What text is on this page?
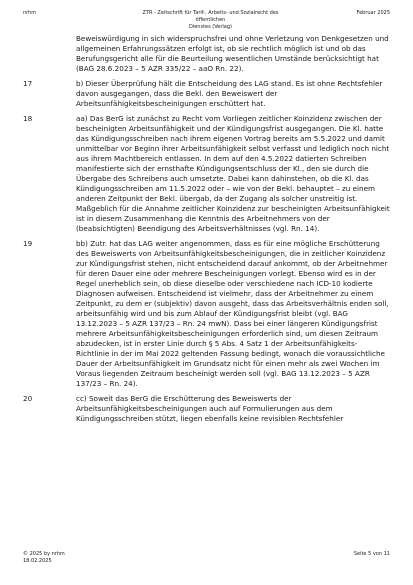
nrhm	ZTR - Zeitschrift für Tarif-, Arbeits- und Sozialrecht des öffentlichen
Dienstes (Verlag)
Februar 2025
Beweiswürdigung in sich widerspruchsfrei und ohne Verletzung von Denkgesetzen und allgemeinen Erfahrungssätzen erfolgt ist, ob sie rechtlich möglich ist und ob das Berufungsgericht alle für die Beurteilung wesentlichen Umstände berücksichtigt hat (BAG 28.6.2023 – 5 AZR 335/22 – aaO Rn. 22).
17	b) Dieser Überprüfung hält die Entscheidung des LAG stand. Es ist ohne Rechtsfehler davon ausgegangen, dass die Bekl. den Beweiswert der Arbeitsunfähigkeitsbescheinigungen erschüttert hat.
18	aa) Das BerG ist zunächst zu Recht vom Vorliegen zeitlicher Koinzidenz zwischen der bescheinigten Arbeitsunfähigkeit und der Kündigungsfrist ausgegangen. Die Kl. hatte das Kündigungsschreiben nach ihrem eigenen Vortrag bereits am 5.5.2022 und damit unmittelbar vor Beginn ihrer Arbeitsunfähigkeit selbst verfasst und lediglich noch nicht aus ihrem Machtbereich entlassen. In dem auf den 4.5.2022 datierten Schreiben manifestierte sich der ernsthafte Kündigungsentschluss der Kl., den sie durch die Übergabe des Schreibens auch umsetzte. Dabei kann dahinstehen, ob die Kl. das Kündigungsschreiben am 11.5.2022 oder – wie von der Bekl. behauptet – zu einem anderen Zeitpunkt der Bekl. übergab, da der Zugang als solcher unstreitig ist. Maßgeblich für die Annahme zeitlicher Koinzidenz zur bescheinigten Arbeitsunfähigkeit ist in diesem Zusammenhang die Kenntnis des Arbeitnehmers von der (beabsichtigten) Beendigung des Arbeitsverhältnisses (vgl. Rn. 14).
19	bb) Zutr. hat das LAG weiter angenommen, dass es für eine mögliche Erschütterung des Beweiswerts von Arbeitsunfähigkeitsbescheinigungen, die in zeitlicher Koinzidenz zur Kündigungsfrist stehen, nicht entscheidend darauf ankommt, ob der Arbeitnehmer für deren Dauer eine oder mehrere Bescheinigungen vorlegt. Ebenso wird es in der Regel unerheblich sein, ob diese dieselbe oder verschiedene nach ICD-10 kodierte Diagnosen aufweisen. Entscheidend ist vielmehr, dass der Arbeitnehmer zu einem Zeitpunkt, zu dem er (subjektiv) davon ausgeht, dass das Arbeitsverhältnis enden soll, arbeitsunfähig wird und bis zum Ablauf der Kündigungsfrist bleibt (vgl. BAG 13.12.2023 – 5 AZR 137/23 – Rn. 24 mwN). Dass bei einer längeren Kündigungsfrist mehrere Arbeitsunfähigkeitsbescheinigungen erforderlich sind, um diesen Zeitraum abzudecken, ist in erster Linie durch § 5 Abs. 4 Satz 1 der Arbeitsunfähigkeits-Richtlinie in der im Mai 2022 geltenden Fassung bedingt, wonach die voraussichtliche Dauer der Arbeitsunfähigkeit im Grundsatz nicht für einen mehr als zwei Wochen im Voraus liegenden Zeitraum bescheinigt werden soll (vgl. BAG 13.12.2023 – 5 AZR 137/23 – Rn. 24).
20	cc) Soweit das BerG die Erschütterung des Beweiswerts der Arbeitsunfähigkeitsbescheinigungen auch auf Formulierungen aus dem Kündigungsschreiben stützt, liegen ebenfalls keine revisiblen Rechtsfehler
© 2025 by nrhm
18.02.2025
Seite 5 von 11
